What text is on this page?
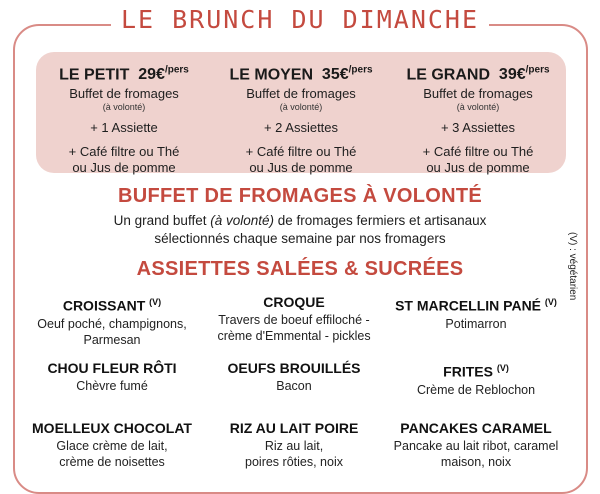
LE BRUNCH DU DIMANCHE
LE PETIT 29€$^{/pers}$
Buffet de fromages
(à volonté)
+ 1 Assiette
+ Café filtre ou Thé
ou Jus de pomme
LE MOYEN 35€$^{/pers}$
Buffet de fromages
(à volonté)
+ 2 Assiettes
+ Café filtre ou Thé
ou Jus de pomme
LE GRAND 39€$^{/pers}$
Buffet de fromages
(à volonté)
+ 3 Assiettes
+ Café filtre ou Thé
ou Jus de pomme
BUFFET DE FROMAGES À VOLONTÉ
Un grand buffet (à volonté) de fromages fermiers et artisanaux
sélectionnés chaque semaine par nos fromagers
ASSIETTES SALÉES & SUCRÉES
CROISSANT $^{(V)}$
Oeuf poché, champignons,
Parmesan
CROQUE
Travers de boeuf effiloché -
crème d'Emmental - pickles
ST MARCELLIN PANÉ $^{(V)}$
Potimarron
CHOU FLEUR RÔTI
Chèvre fumé
OEUFS BROUILLÉS
Bacon
FRITES $^{(V)}$
Crème de Reblochon
MOELLEUX CHOCOLAT
Glace crème de lait,
crème de noisettes
RIZ AU LAIT POIRE
Riz au lait,
poires rôties, noix
PANCAKES CARAMEL
Pancake au lait ribot, caramel
maison, noix
(V) : végétarien
